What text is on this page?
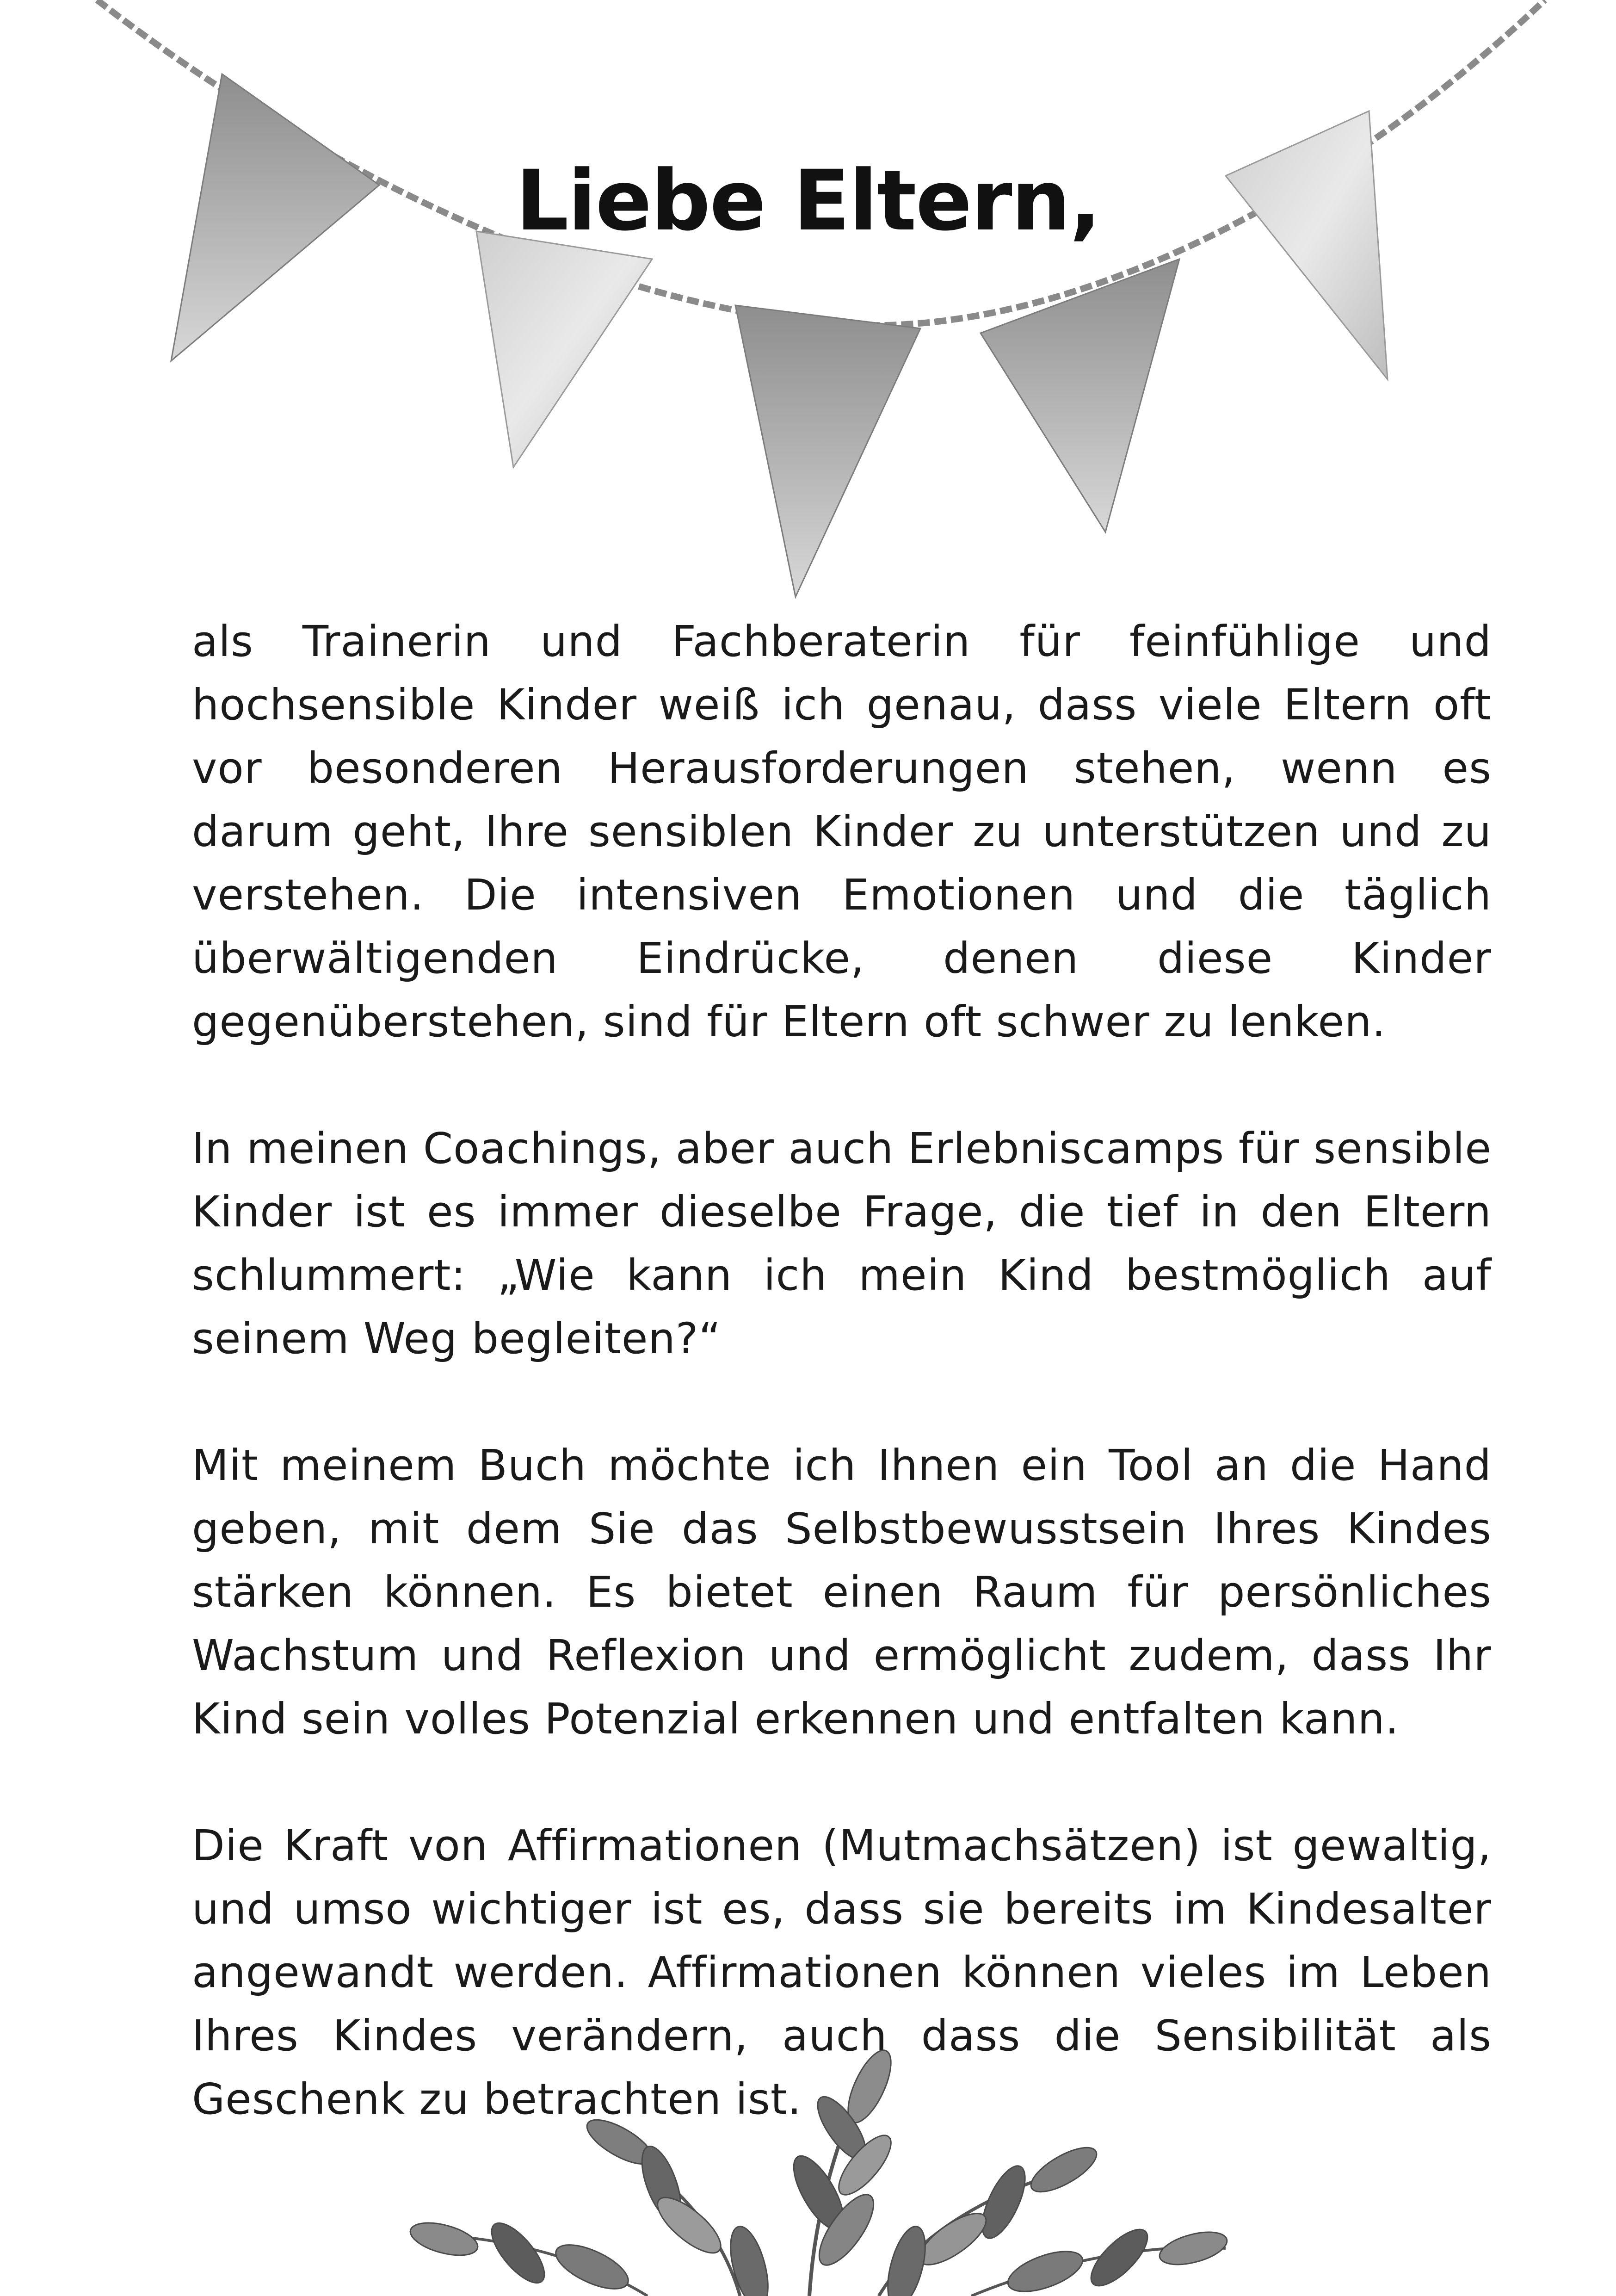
Liebe Eltern,

als Trainerin und Fachberaterin für feinfühlige und hochsensible Kinder weiß ich genau, dass viele Eltern oft vor besonderen Herausforderungen stehen, wenn es darum geht, Ihre sensiblen Kinder zu unterstützen und zu verstehen. Die intensiven Emotionen und die täglich überwältigenden Eindrücke, denen diese Kinder gegenüberstehen, sind für Eltern oft schwer zu lenken.

In meinen Coachings, aber auch Erlebniscamps für sensible Kinder ist es immer dieselbe Frage, die tief in den Eltern schlummert: „Wie kann ich mein Kind bestmöglich auf seinem Weg begleiten?“

Mit meinem Buch möchte ich Ihnen ein Tool an die Hand geben, mit dem Sie das Selbstbewusstsein Ihres Kindes stärken können. Es bietet einen Raum für persönliches Wachstum und Reflexion und ermöglicht zudem, dass Ihr Kind sein volles Potenzial erkennen und entfalten kann.

Die Kraft von Affirmationen (Mutmachsätzen) ist gewaltig, und umso wichtiger ist es, dass sie bereits im Kindesalter angewandt werden. Affirmationen können vieles im Leben Ihres Kindes verändern, auch dass die Sensibilität als Geschenk zu betrachten ist.
